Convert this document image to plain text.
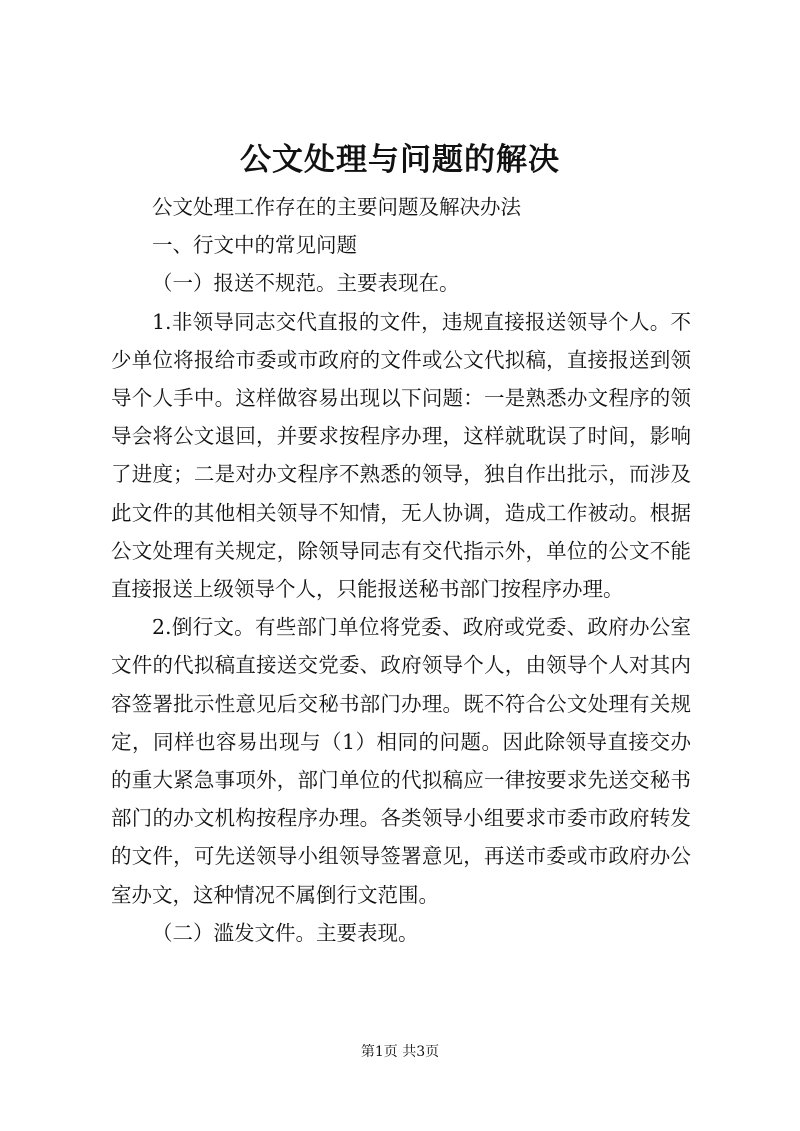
公文处理与问题的解决

公文处理工作存在的主要问题及解决办法

一、行文中的常见问题

（一）报送不规范。主要表现在。

1.非领导同志交代直报的文件，违规直接报送领导个人。不少单位将报给市委或市政府的文件或公文代拟稿，直接报送到领导个人手中。这样做容易出现以下问题：一是熟悉办文程序的领导会将公文退回，并要求按程序办理，这样就耽误了时间，影响了进度；二是对办文程序不熟悉的领导，独自作出批示，而涉及此文件的其他相关领导不知情，无人协调，造成工作被动。根据公文处理有关规定，除领导同志有交代指示外，单位的公文不能直接报送上级领导个人，只能报送秘书部门按程序办理。

2.倒行文。有些部门单位将党委、政府或党委、政府办公室文件的代拟稿直接送交党委、政府领导个人，由领导个人对其内容签署批示性意见后交秘书部门办理。既不符合公文处理有关规定，同样也容易出现与（1）相同的问题。因此除领导直接交办的重大紧急事项外，部门单位的代拟稿应一律按要求先送交秘书部门的办文机构按程序办理。各类领导小组要求市委市政府转发的文件，可先送领导小组领导签署意见，再送市委或市政府办公室办文，这种情况不属倒行文范围。

（二）滥发文件。主要表现。

第1页 共3页
